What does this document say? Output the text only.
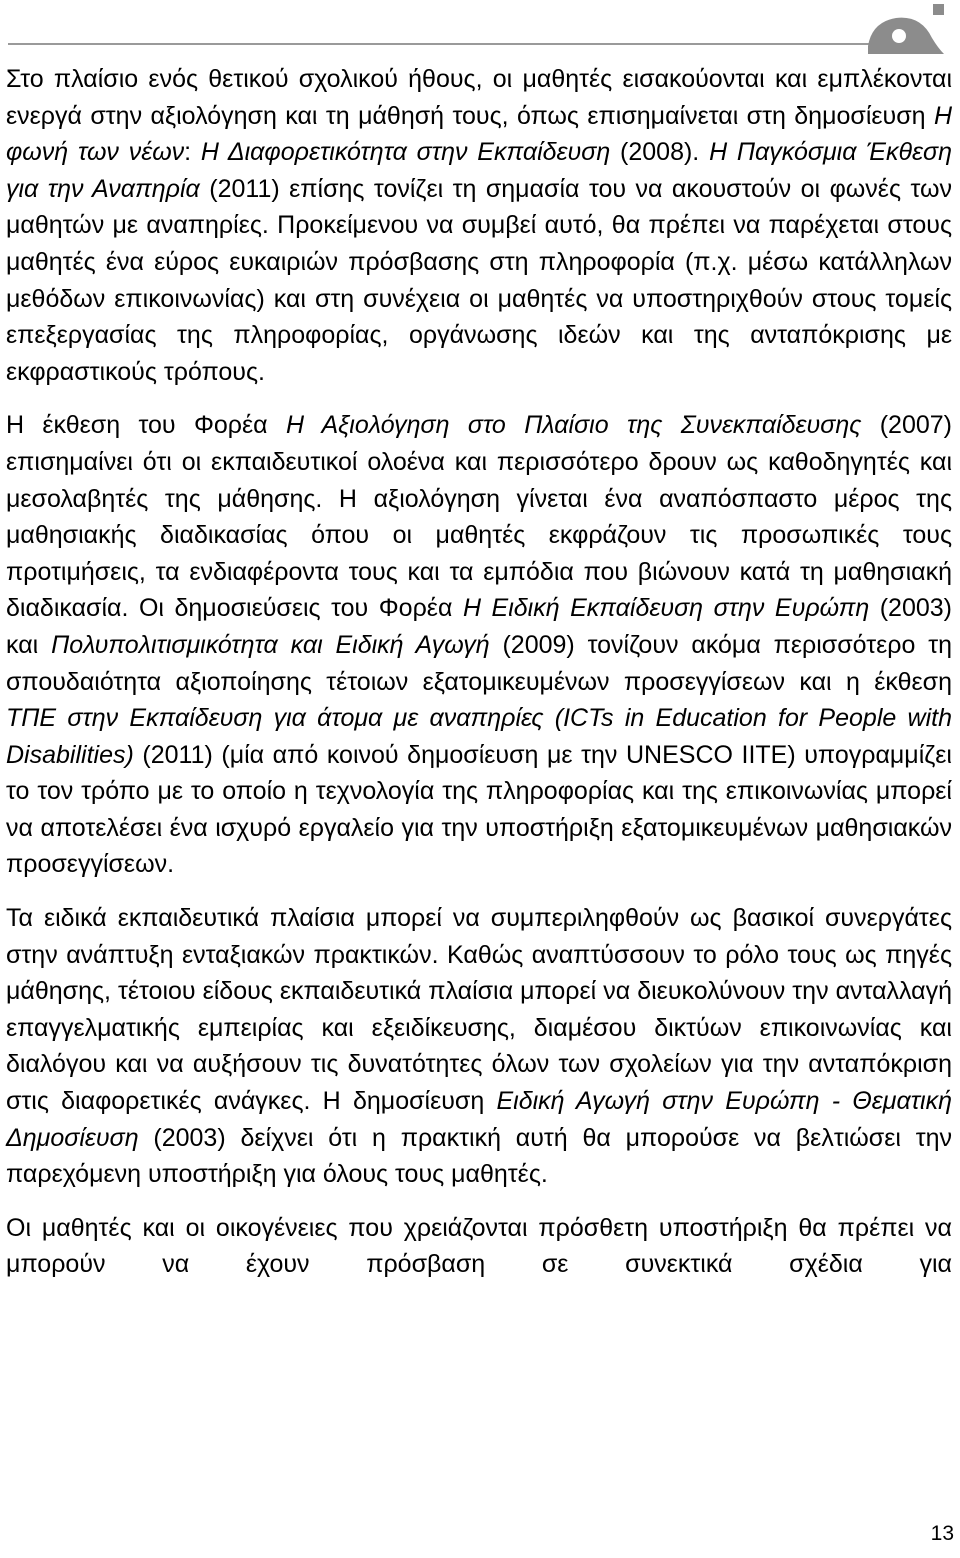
Στο πλαίσιο ενός θετικού σχολικού ήθους, οι μαθητές εισακούονται και εμπλέκονται ενεργά στην αξιολόγηση και τη μάθησή τους, όπως επισημαίνεται στη δημοσίευση Η φωνή των νέων: Η Διαφορετικότητα στην Εκπαίδευση (2008). Η Παγκόσμια Έκθεση για την Αναπηρία (2011) επίσης τονίζει τη σημασία του να ακουστούν οι φωνές των μαθητών με αναπηρίες. Προκείμενου να συμβεί αυτό, θα πρέπει να παρέχεται στους μαθητές ένα εύρος ευκαιριών πρόσβασης στη πληροφορία (π.χ. μέσω κατάλληλων μεθόδων επικοινωνίας) και στη συνέχεια οι μαθητές να υποστηριχθούν στους τομείς επεξεργασίας της πληροφορίας, οργάνωσης ιδεών και της ανταπόκρισης με εκφραστικούς τρόπους.

Η έκθεση του Φορέα Η Αξιολόγηση στο Πλαίσιο της Συνεκπαίδευσης (2007) επισημαίνει ότι οι εκπαιδευτικοί ολοένα και περισσότερο δρουν ως καθοδηγητές και μεσολαβητές της μάθησης. Η αξιολόγηση γίνεται ένα αναπόσπαστο μέρος της μαθησιακής διαδικασίας όπου οι μαθητές εκφράζουν τις προσωπικές τους προτιμήσεις, τα ενδιαφέροντα τους και τα εμπόδια που βιώνουν κατά τη μαθησιακή διαδικασία. Οι δημοσιεύσεις του Φορέα Η Ειδική Εκπαίδευση στην Ευρώπη (2003) και Πολυπολιτισμικότητα και Ειδική Αγωγή (2009) τονίζουν ακόμα περισσότερο τη σπουδαιότητα αξιοποίησης τέτοιων εξατομικευμένων προσεγγίσεων και η έκθεση ΤΠΕ στην Εκπαίδευση για άτομα με αναπηρίες (ICTs in Education for People with Disabilities) (2011) (μία από κοινού δημοσίευση με την UNESCO IITE) υπογραμμίζει το τον τρόπο με το οποίο η τεχνολογία της πληροφορίας και της επικοινωνίας μπορεί να αποτελέσει ένα ισχυρό εργαλείο για την υποστήριξη εξατομικευμένων μαθησιακών προσεγγίσεων.

Τα ειδικά εκπαιδευτικά πλαίσια μπορεί να συμπεριληφθούν ως βασικοί συνεργάτες στην ανάπτυξη ενταξιακών πρακτικών. Καθώς αναπτύσσουν το ρόλο τους ως πηγές μάθησης, τέτοιου είδους εκπαιδευτικά πλαίσια μπορεί να διευκολύνουν την ανταλλαγή επαγγελματικής εμπειρίας και εξειδίκευσης, διαμέσου δικτύων επικοινωνίας και διαλόγου και να αυξήσουν τις δυνατότητες όλων των σχολείων για την ανταπόκριση στις διαφορετικές ανάγκες. Η δημοσίευση Ειδική Αγωγή στην Ευρώπη - Θεματική Δημοσίευση (2003) δείχνει ότι η πρακτική αυτή θα μπορούσε να βελτιώσει την παρεχόμενη υποστήριξη για όλους τους μαθητές.

Οι μαθητές και οι οικογένειες που χρειάζονται πρόσθετη υποστήριξη θα πρέπει να μπορούν να έχουν πρόσβαση σε συνεκτικά σχέδια για

13
